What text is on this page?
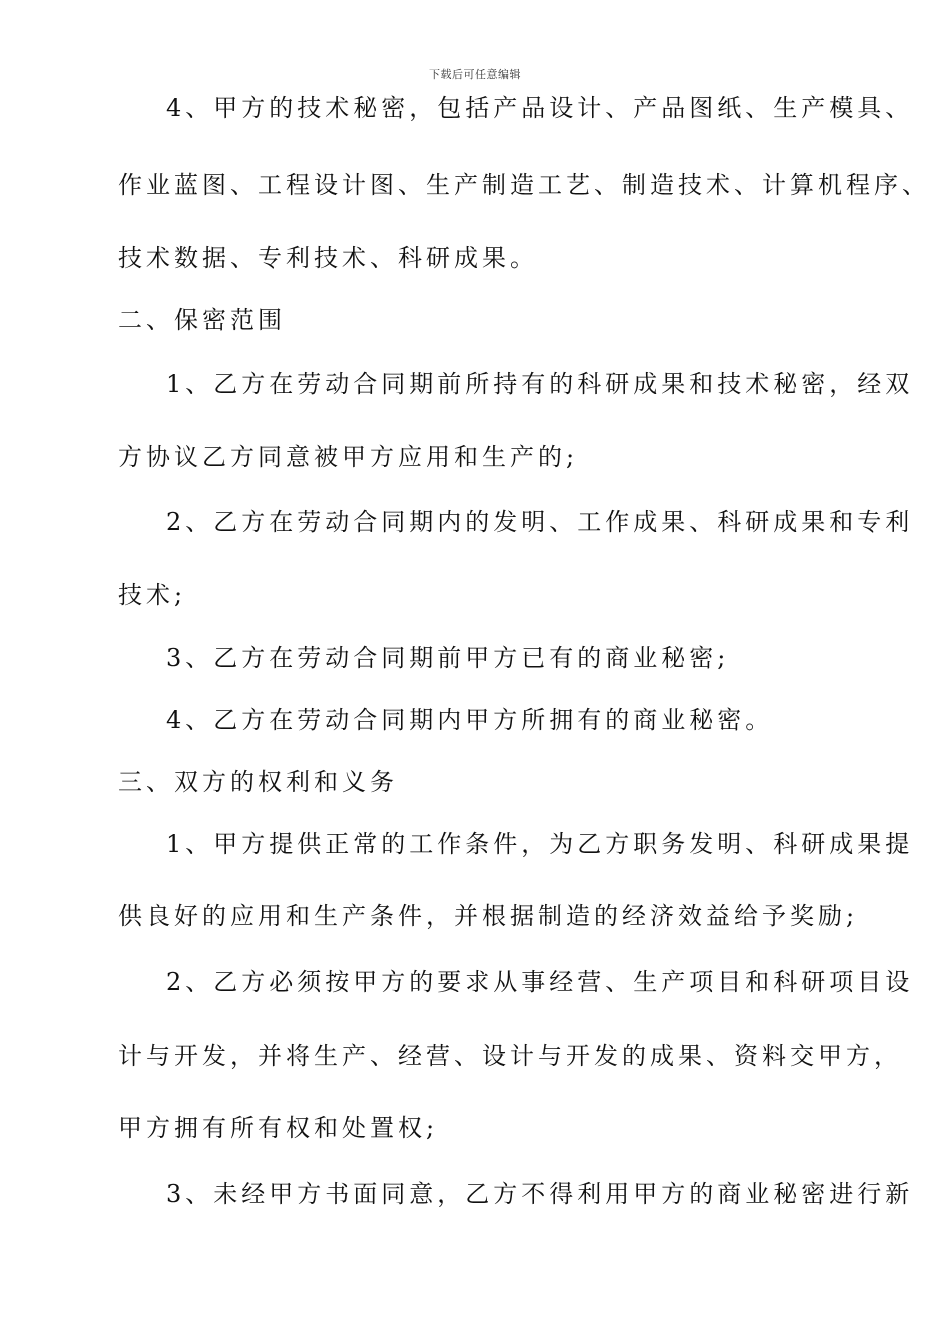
下载后可任意编辑
4、甲方的技术秘密，包括产品设计、产品图纸、生产模具、
作业蓝图、工程设计图、生产制造工艺、制造技术、计算机程序、
技术数据、专利技术、科研成果。
二、保密范围
1、乙方在劳动合同期前所持有的科研成果和技术秘密，经双
方协议乙方同意被甲方应用和生产的;
2、乙方在劳动合同期内的发明、工作成果、科研成果和专利
技术;
3、乙方在劳动合同期前甲方已有的商业秘密;
4、乙方在劳动合同期内甲方所拥有的商业秘密。
三、双方的权利和义务
1、甲方提供正常的工作条件，为乙方职务发明、科研成果提
供良好的应用和生产条件，并根据制造的经济效益给予奖励;
2、乙方必须按甲方的要求从事经营、生产项目和科研项目设
计与开发，并将生产、经营、设计与开发的成果、资料交甲方，
甲方拥有所有权和处置权;
3、未经甲方书面同意，乙方不得利用甲方的商业秘密进行新
